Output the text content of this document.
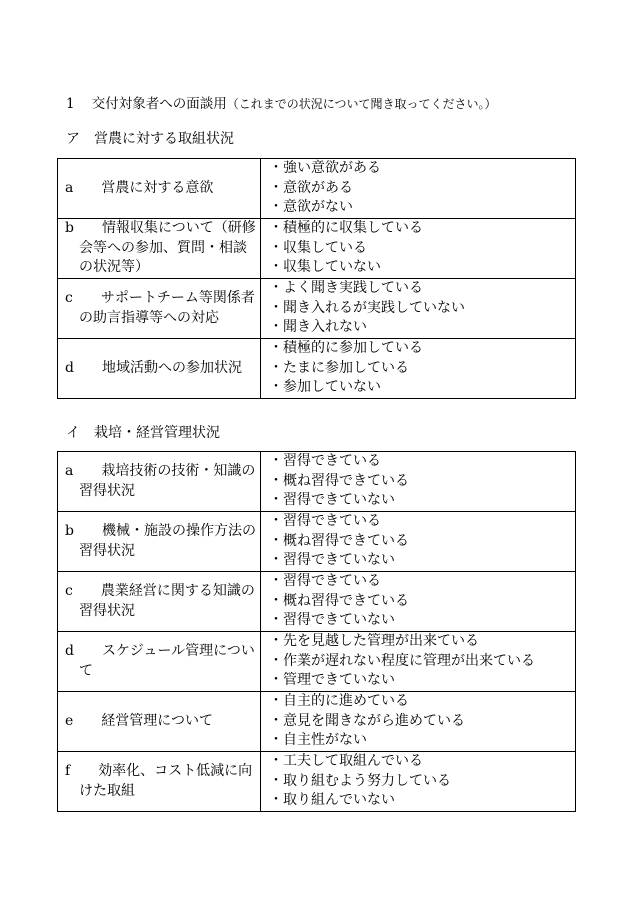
1 交付対象者への面談用（これまでの状況について聞き取ってください。）
ア　営農に対する取組状況
a　　 営農に対する意欲	・強い意欲がある
・意欲がある
・意欲がない

b　　 情報収集について（研修会等への参加、質問・相談の状況等）	・積極的に収集している
・収集している
・収集していない

c　　 サポートチーム等関係者の助言指導等への対応	・よく聞き実践している
・聞き入れるが実践していない
・聞き入れない

d　　 地域活動への参加状況	・積極的に参加している
・たまに参加している
・参加していない
イ　栽培・経営管理状況
a　　 栽培技術の技術・知識の習得状況	・習得できている
・概ね習得できている
・習得できていない

b　　 機械・施設の操作方法の習得状況	・習得できている
・概ね習得できている
・習得できていない

c　　 農業経営に関する知識の習得状況	・習得できている
・概ね習得できている
・習得できていない

d　　 スケジュール管理について	・先を見越した管理が出来ている
・作業が遅れない程度に管理が出来ている
・管理できていない

e　　 経営管理について	・自主的に進めている
・意見を聞きながら進めている
・自主性がない

f　　 効率化、コスト低減に向けた取組	・工夫して取組んでいる
・取り組むよう努力している
・取り組んでいない
